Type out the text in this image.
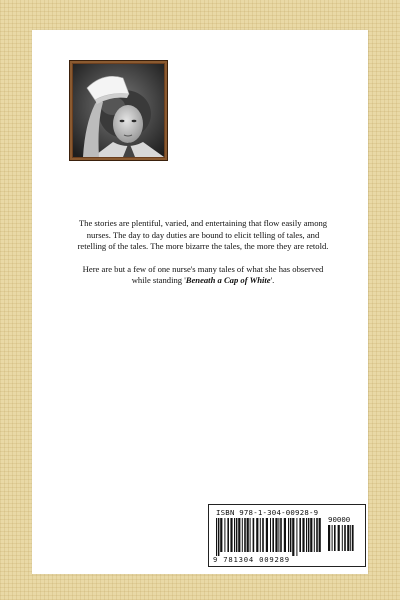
The stories are plentiful, varied, and entertaining that flow easily among nurses. The day to day duties are bound to elicit telling of tales, and retelling of the tales. The more bizarre the tales, the more they are retold.

Here are but a few of one nurse's many tales of what she has observed while standing 'Beneath a Cap of White'.

ISBN 978-1-304-00928-9
90000
9 781304 009289
